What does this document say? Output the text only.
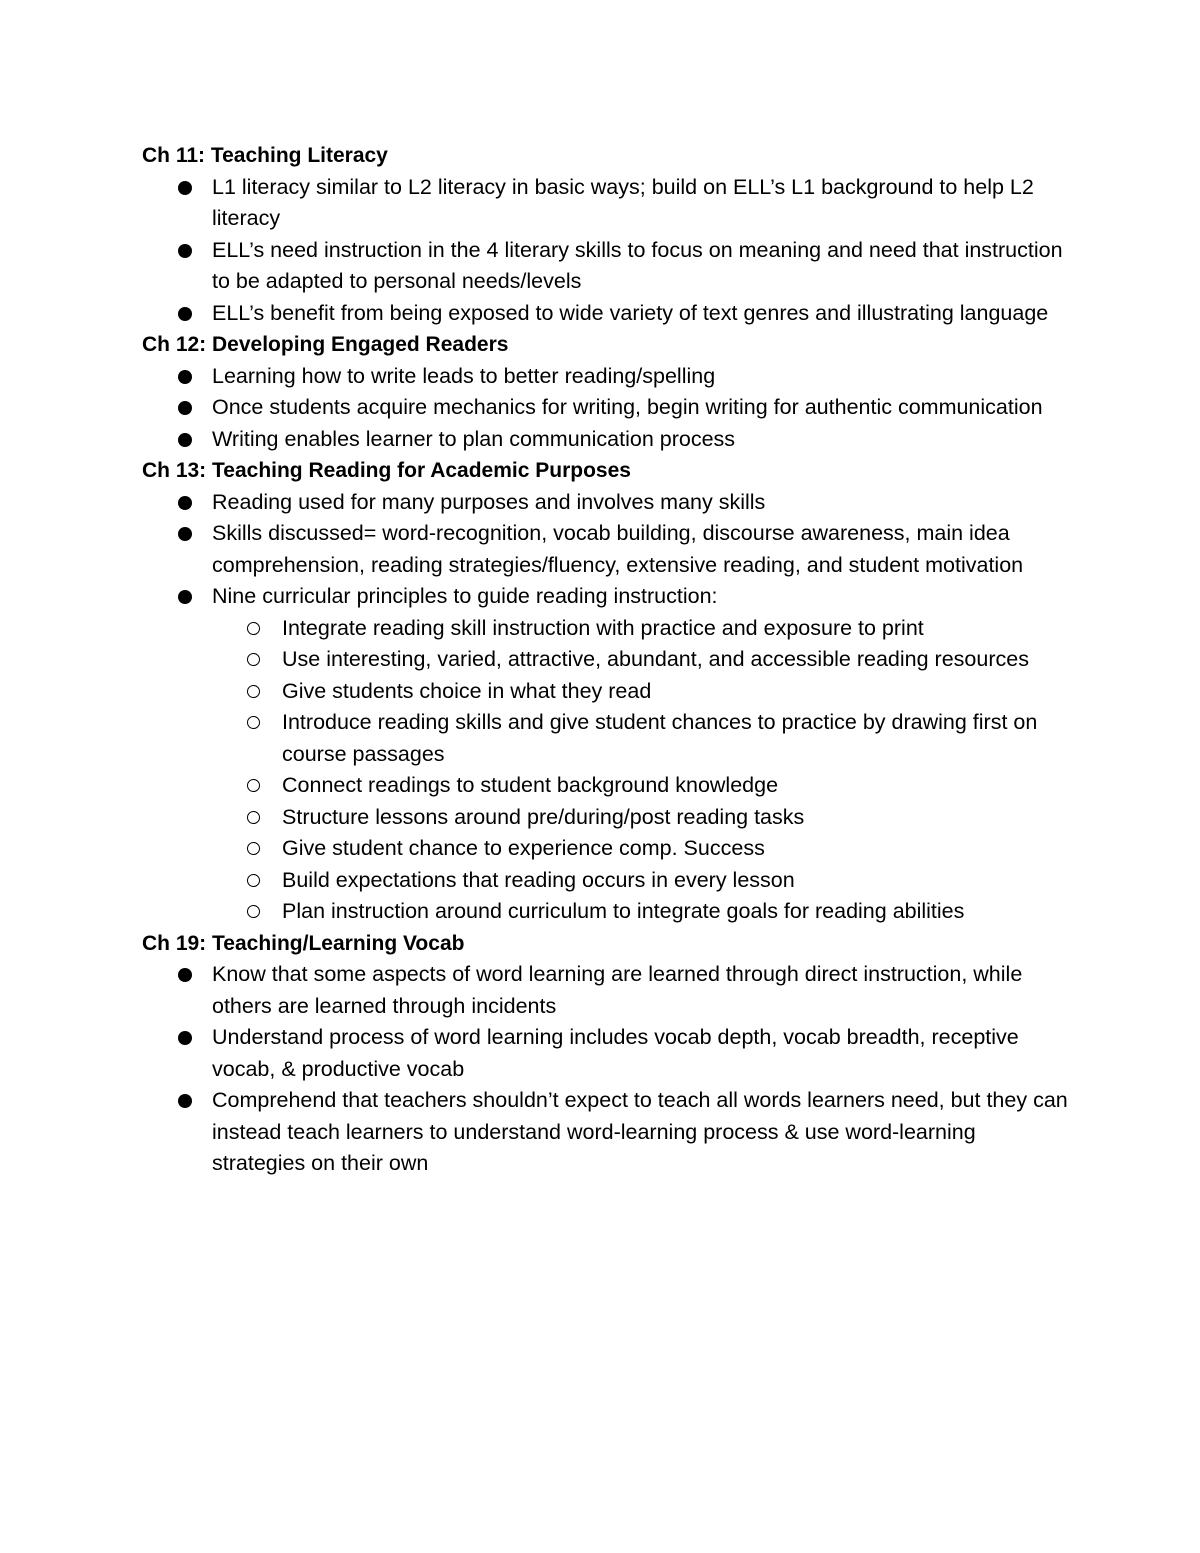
Ch 11: Teaching Literacy
L1 literacy similar to L2 literacy in basic ways; build on ELL’s L1 background to help L2 literacy
ELL’s need instruction in the 4 literary skills to focus on meaning and need that instruction to be adapted to personal needs/levels
ELL’s benefit from being exposed to wide variety of text genres and illustrating language
Ch 12: Developing Engaged Readers
Learning how to write leads to better reading/spelling
Once students acquire mechanics for writing, begin writing for authentic communication
Writing enables learner to plan communication process
Ch 13: Teaching Reading for Academic Purposes
Reading used for many purposes and involves many skills
Skills discussed= word-recognition, vocab building, discourse awareness, main idea comprehension, reading strategies/fluency, extensive reading, and student motivation
Nine curricular principles to guide reading instruction:
Integrate reading skill instruction with practice and exposure to print
Use interesting, varied, attractive, abundant, and accessible reading resources
Give students choice in what they read
Introduce reading skills and give student chances to practice by drawing first on course passages
Connect readings to student background knowledge
Structure lessons around pre/during/post reading tasks
Give student chance to experience comp. Success
Build expectations that reading occurs in every lesson
Plan instruction around curriculum to integrate goals for reading abilities
Ch 19: Teaching/Learning Vocab
Know that some aspects of word learning are learned through direct instruction, while others are learned through incidents
Understand process of word learning includes vocab depth, vocab breadth, receptive vocab, & productive vocab
Comprehend that teachers shouldn’t expect to teach all words learners need, but they can instead teach learners to understand word-learning process & use word-learning strategies on their own
